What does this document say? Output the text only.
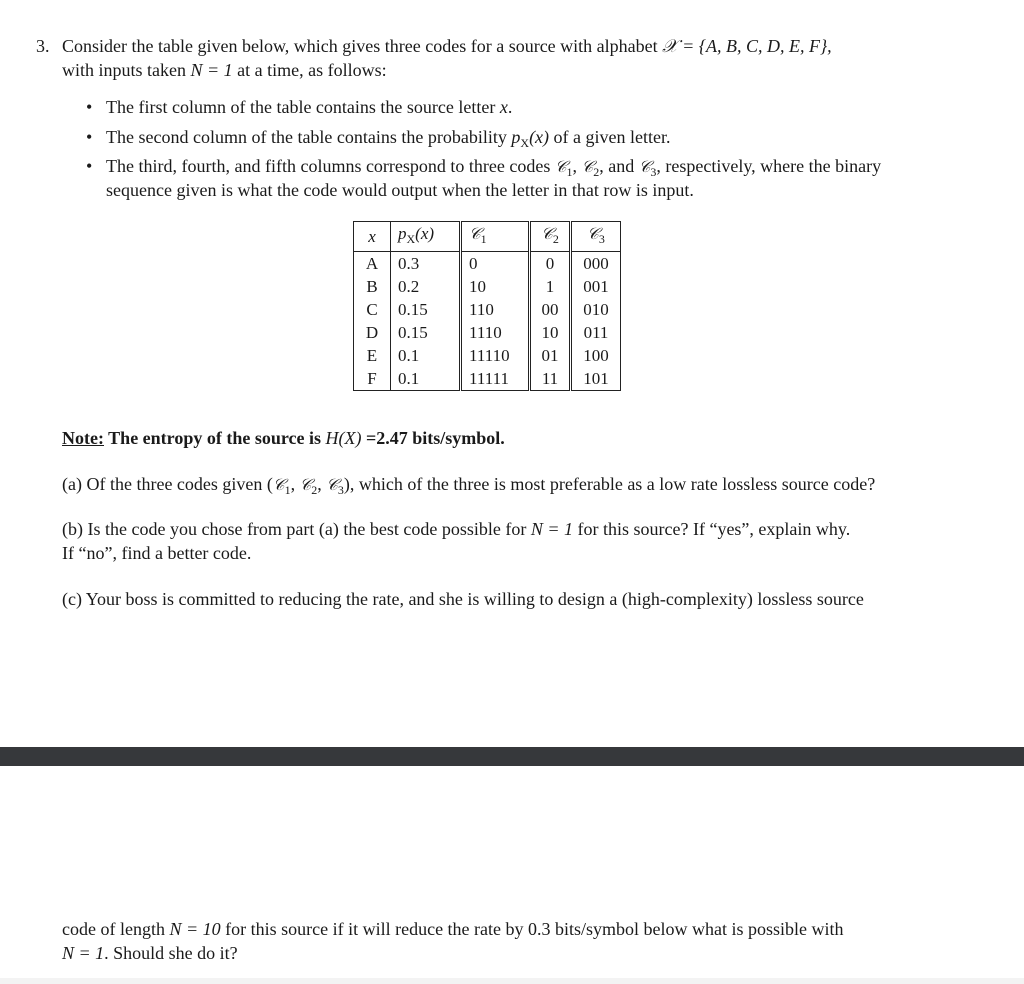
3. Consider the table given below, which gives three codes for a source with alphabet 𝒳 = {A, B, C, D, E, F},
with inputs taken N = 1 at a time, as follows:
• The first column of the table contains the source letter x.
• The second column of the table contains the probability $p_X(x)$ of a given letter.
• The third, fourth, and fifth columns correspond to three codes 𝒞$_1$, 𝒞$_2$, and 𝒞$_3$, respectively, where the binary
sequence given is what the code would output when the letter in that row is input.
x	$p_X(x)$	𝒞$_1$	𝒞$_2$	𝒞$_3$
A	0.3	0	0	000
B	0.2	10	1	001
C	0.15	110	00	010
D	0.15	1110	10	011
E	0.1	11110	01	100
F	0.1	11111	11	101
Note: The entropy of the source is H(X) =2.47 bits/symbol.
(a) Of the three codes given (𝒞$_1$, 𝒞$_2$, 𝒞$_3$), which of the three is most preferable as a low rate lossless source code?
(b) Is the code you chose from part (a) the best code possible for N = 1 for this source? If “yes”, explain why.
If “no”, find a better code.
(c) Your boss is committed to reducing the rate, and she is willing to design a (high-complexity) lossless source
code of length N = 10 for this source if it will reduce the rate by 0.3 bits/symbol below what is possible with
N = 1. Should she do it?
